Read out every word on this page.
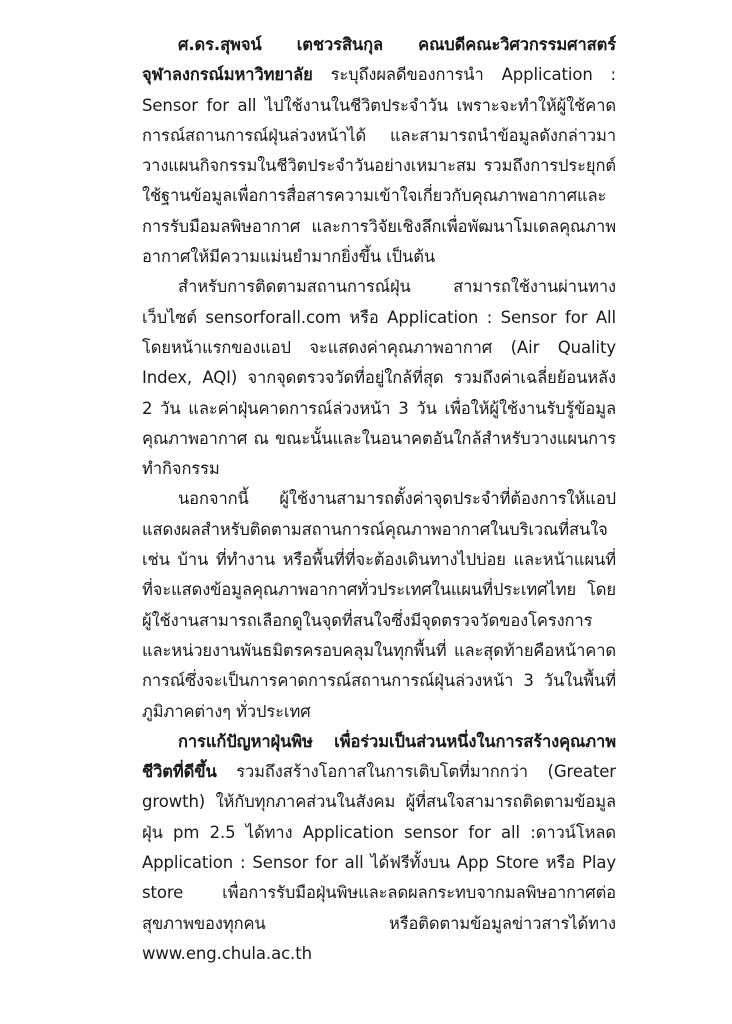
ศ.ดร.สุพจน์ เตชวรสินกุล คณบดีคณะวิศวกรรมศาสตร์ จุฬาลงกรณ์มหาวิทยาลัย ระบุถึงผลดีของการนำ Application : Sensor for all ไปใช้งานในชีวิตประจำวัน เพราะจะทำให้ผู้ใช้คาดการณ์สถานการณ์ฝุ่นล่วงหน้าได้ และสามารถนำข้อมูลดังกล่าวมา วางแผนกิจกรรมในชีวิตประจำวันอย่างเหมาะสม รวมถึงการประยุกต์ใช้ฐานข้อมูลเพื่อการสื่อสารความเข้าใจเกี่ยวกับคุณภาพอากาศและการรับมือมลพิษอากาศ และการวิจัยเชิงลึกเพื่อพัฒนาโมเดลคุณภาพอากาศให้มีความแม่นยำมากยิ่งขึ้น เป็นต้น

สำหรับการติดตามสถานการณ์ฝุ่น สามารถใช้งานผ่านทางเว็บไซต์ sensorforall.com หรือ Application : Sensor for All โดยหน้าแรกของแอป จะแสดงค่าคุณภาพอากาศ (Air Quality Index, AQI) จากจุดตรวจวัดที่อยู่ใกล้ที่สุด รวมถึงค่าเฉลี่ยย้อนหลัง 2 วัน และค่าฝุ่นคาดการณ์ล่วงหน้า 3 วัน เพื่อให้ผู้ใช้งานรับรู้ข้อมูลคุณภาพอากาศ ณ ขณะนั้นและในอนาคตอันใกล้สำหรับวางแผนการทำกิจกรรม

นอกจากนี้ ผู้ใช้งานสามารถตั้งค่าจุดประจำที่ต้องการให้แอปแสดงผลสำหรับติดตามสถานการณ์คุณภาพอากาศในบริเวณที่สนใจ เช่น บ้าน ที่ทำงาน หรือพื้นที่ที่จะต้องเดินทางไปบ่อย และหน้าแผนที่ที่จะแสดงข้อมูลคุณภาพอากาศทั่วประเทศในแผนที่ประเทศไทย โดยผู้ใช้งานสามารถเลือกดูในจุดที่สนใจซึ่งมีจุดตรวจวัดของโครงการและหน่วยงานพันธมิตรครอบคลุมในทุกพื้นที่ และสุดท้ายคือหน้าคาดการณ์ซึ่งจะเป็นการคาดการณ์สถานการณ์ฝุ่นล่วงหน้า 3 วันในพื้นที่ภูมิภาคต่างๆ ทั่วประเทศ

การแก้ปัญหาฝุ่นพิษ เพื่อร่วมเป็นส่วนหนึ่งในการสร้างคุณภาพชีวิตที่ดีขึ้น รวมถึงสร้างโอกาสในการเติบโตที่มากกว่า (Greater growth) ให้กับทุกภาคส่วนในสังคม ผู้ที่สนใจสามารถติดตามข้อมูลฝุ่น pm 2.5 ได้ทาง Application sensor for all :ดาวน์โหลด Application : Sensor for all ได้ฟรีทั้งบน App Store หรือ Play store เพื่อการรับมือฝุ่นพิษและลดผลกระทบจากมลพิษอากาศต่อสุขภาพของทุกคน หรือติดตามข้อมูลข่าวสารได้ทาง www.eng.chula.ac.th
